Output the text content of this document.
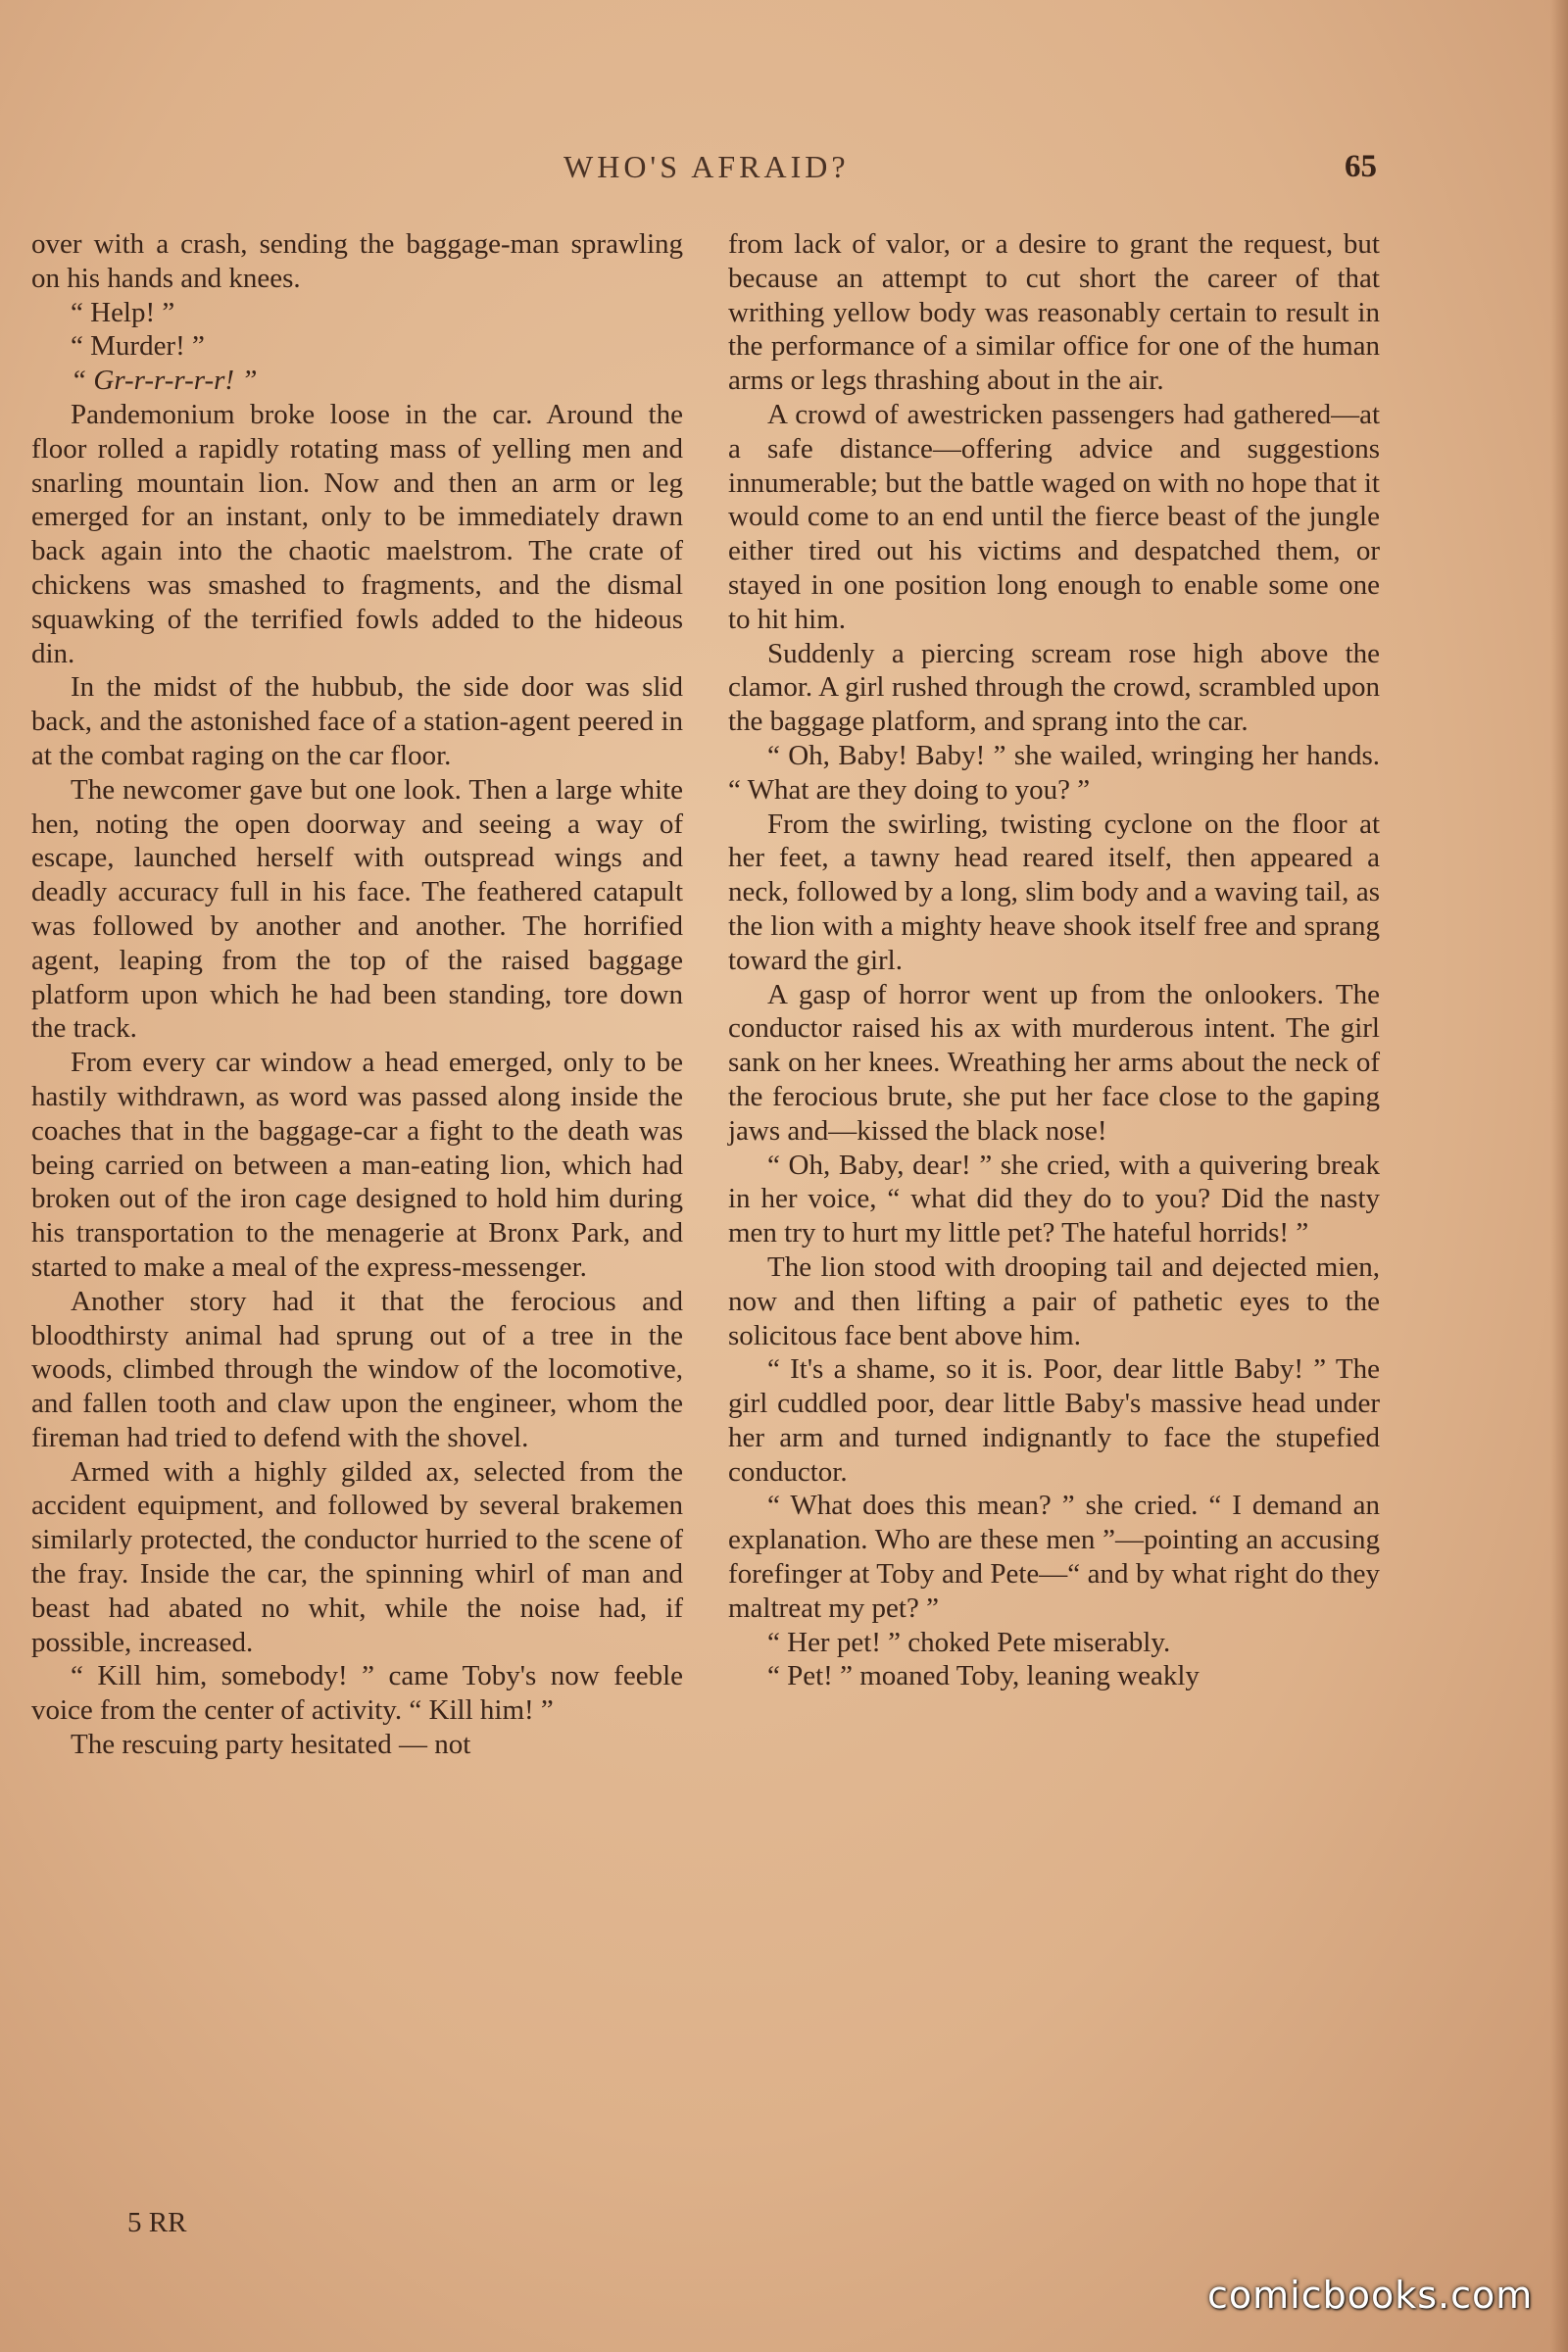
WHO'S AFRAID?	65

over with a crash, sending the baggage-man sprawling on his hands and knees.

“ Help! ”

“ Murder! ”

“ Gr-r-r-r-r-r! ”

Pandemonium broke loose in the car. Around the floor rolled a rapidly rotating mass of yelling men and snarling mountain lion. Now and then an arm or leg emerged for an instant, only to be immediately drawn back again into the chaotic maelstrom. The crate of chickens was smashed to fragments, and the dismal squawking of the terrified fowls added to the hideous din.

In the midst of the hubbub, the side door was slid back, and the astonished face of a station-agent peered in at the combat raging on the car floor.

The newcomer gave but one look. Then a large white hen, noting the open doorway and seeing a way of escape, launched herself with outspread wings and deadly accuracy full in his face. The feathered catapult was followed by another and another. The horrified agent, leaping from the top of the raised baggage platform upon which he had been standing, tore down the track.

From every car window a head emerged, only to be hastily withdrawn, as word was passed along inside the coaches that in the baggage-car a fight to the death was being carried on between a man-eating lion, which had broken out of the iron cage designed to hold him during his transportation to the menagerie at Bronx Park, and started to make a meal of the express-messenger.

Another story had it that the ferocious and bloodthirsty animal had sprung out of a tree in the woods, climbed through the window of the locomotive, and fallen tooth and claw upon the engineer, whom the fireman had tried to defend with the shovel.

Armed with a highly gilded ax, selected from the accident equipment, and followed by several brakemen similarly protected, the conductor hurried to the scene of the fray. Inside the car, the spinning whirl of man and beast had abated no whit, while the noise had, if possible, increased.

“ Kill him, somebody! ” came Toby's now feeble voice from the center of activity. “ Kill him! ”

The rescuing party hesitated — not

from lack of valor, or a desire to grant the request, but because an attempt to cut short the career of that writhing yellow body was reasonably certain to result in the performance of a similar office for one of the human arms or legs thrashing about in the air.

A crowd of awestricken passengers had gathered—at a safe distance—offering advice and suggestions innumerable; but the battle waged on with no hope that it would come to an end until the fierce beast of the jungle either tired out his victims and despatched them, or stayed in one position long enough to enable some one to hit him.

Suddenly a piercing scream rose high above the clamor. A girl rushed through the crowd, scrambled upon the baggage platform, and sprang into the car.

“ Oh, Baby! Baby! ” she wailed, wringing her hands. “ What are they doing to you? ”

From the swirling, twisting cyclone on the floor at her feet, a tawny head reared itself, then appeared a neck, followed by a long, slim body and a waving tail, as the lion with a mighty heave shook itself free and sprang toward the girl.

A gasp of horror went up from the onlookers. The conductor raised his ax with murderous intent. The girl sank on her knees. Wreathing her arms about the neck of the ferocious brute, she put her face close to the gaping jaws and—kissed the black nose!

“ Oh, Baby, dear! ” she cried, with a quivering break in her voice, “ what did they do to you? Did the nasty men try to hurt my little pet? The hateful horrids! ”

The lion stood with drooping tail and dejected mien, now and then lifting a pair of pathetic eyes to the solicitous face bent above him.

“ It's a shame, so it is. Poor, dear little Baby! ” The girl cuddled poor, dear little Baby's massive head under her arm and turned indignantly to face the stupefied conductor.

“ What does this mean? ” she cried. “ I demand an explanation. Who are these men ”—pointing an accusing forefinger at Toby and Pete—“ and by what right do they maltreat my pet? ”

“ Her pet! ” choked Pete miserably.

“ Pet! ” moaned Toby, leaning weakly

5 RR
comicbooks.com
